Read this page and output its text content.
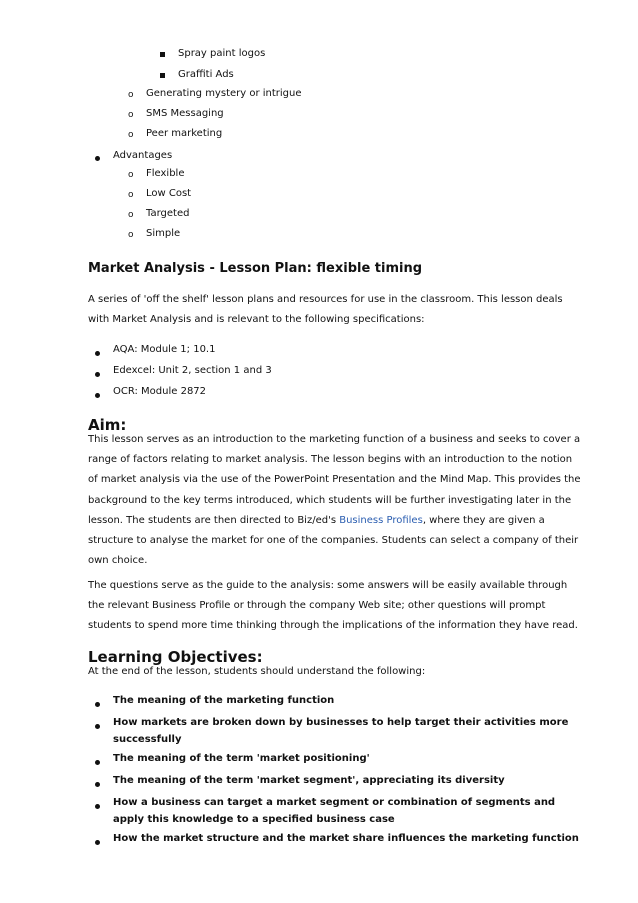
Spray paint logos
Graffiti Ads
o Generating mystery or intrigue
o SMS Messaging
o Peer marketing
Advantages
o Flexible
o Low Cost
o Targeted
o Simple
Market Analysis - Lesson Plan: flexible timing
A series of 'off the shelf' lesson plans and resources for use in the classroom. This lesson deals
with Market Analysis and is relevant to the following specifications:
AQA: Module 1; 10.1
Edexcel: Unit 2, section 1 and 3
OCR: Module 2872
Aim:
This lesson serves as an introduction to the marketing function of a business and seeks to cover a
range of factors relating to market analysis. The lesson begins with an introduction to the notion
of market analysis via the use of the PowerPoint Presentation and the Mind Map. This provides the
background to the key terms introduced, which students will be further investigating later in the
lesson. The students are then directed to Biz/ed's Business Profiles, where they are given a
structure to analyse the market for one of the companies. Students can select a company of their
own choice.
The questions serve as the guide to the analysis: some answers will be easily available through
the relevant Business Profile or through the company Web site; other questions will prompt
students to spend more time thinking through the implications of the information they have read.
Learning Objectives:
At the end of the lesson, students should understand the following:
The meaning of the marketing function
How markets are broken down by businesses to help target their activities more
successfully
The meaning of the term 'market positioning'
The meaning of the term 'market segment', appreciating its diversity
How a business can target a market segment or combination of segments and
apply this knowledge to a specified business case
How the market structure and the market share influences the marketing function
